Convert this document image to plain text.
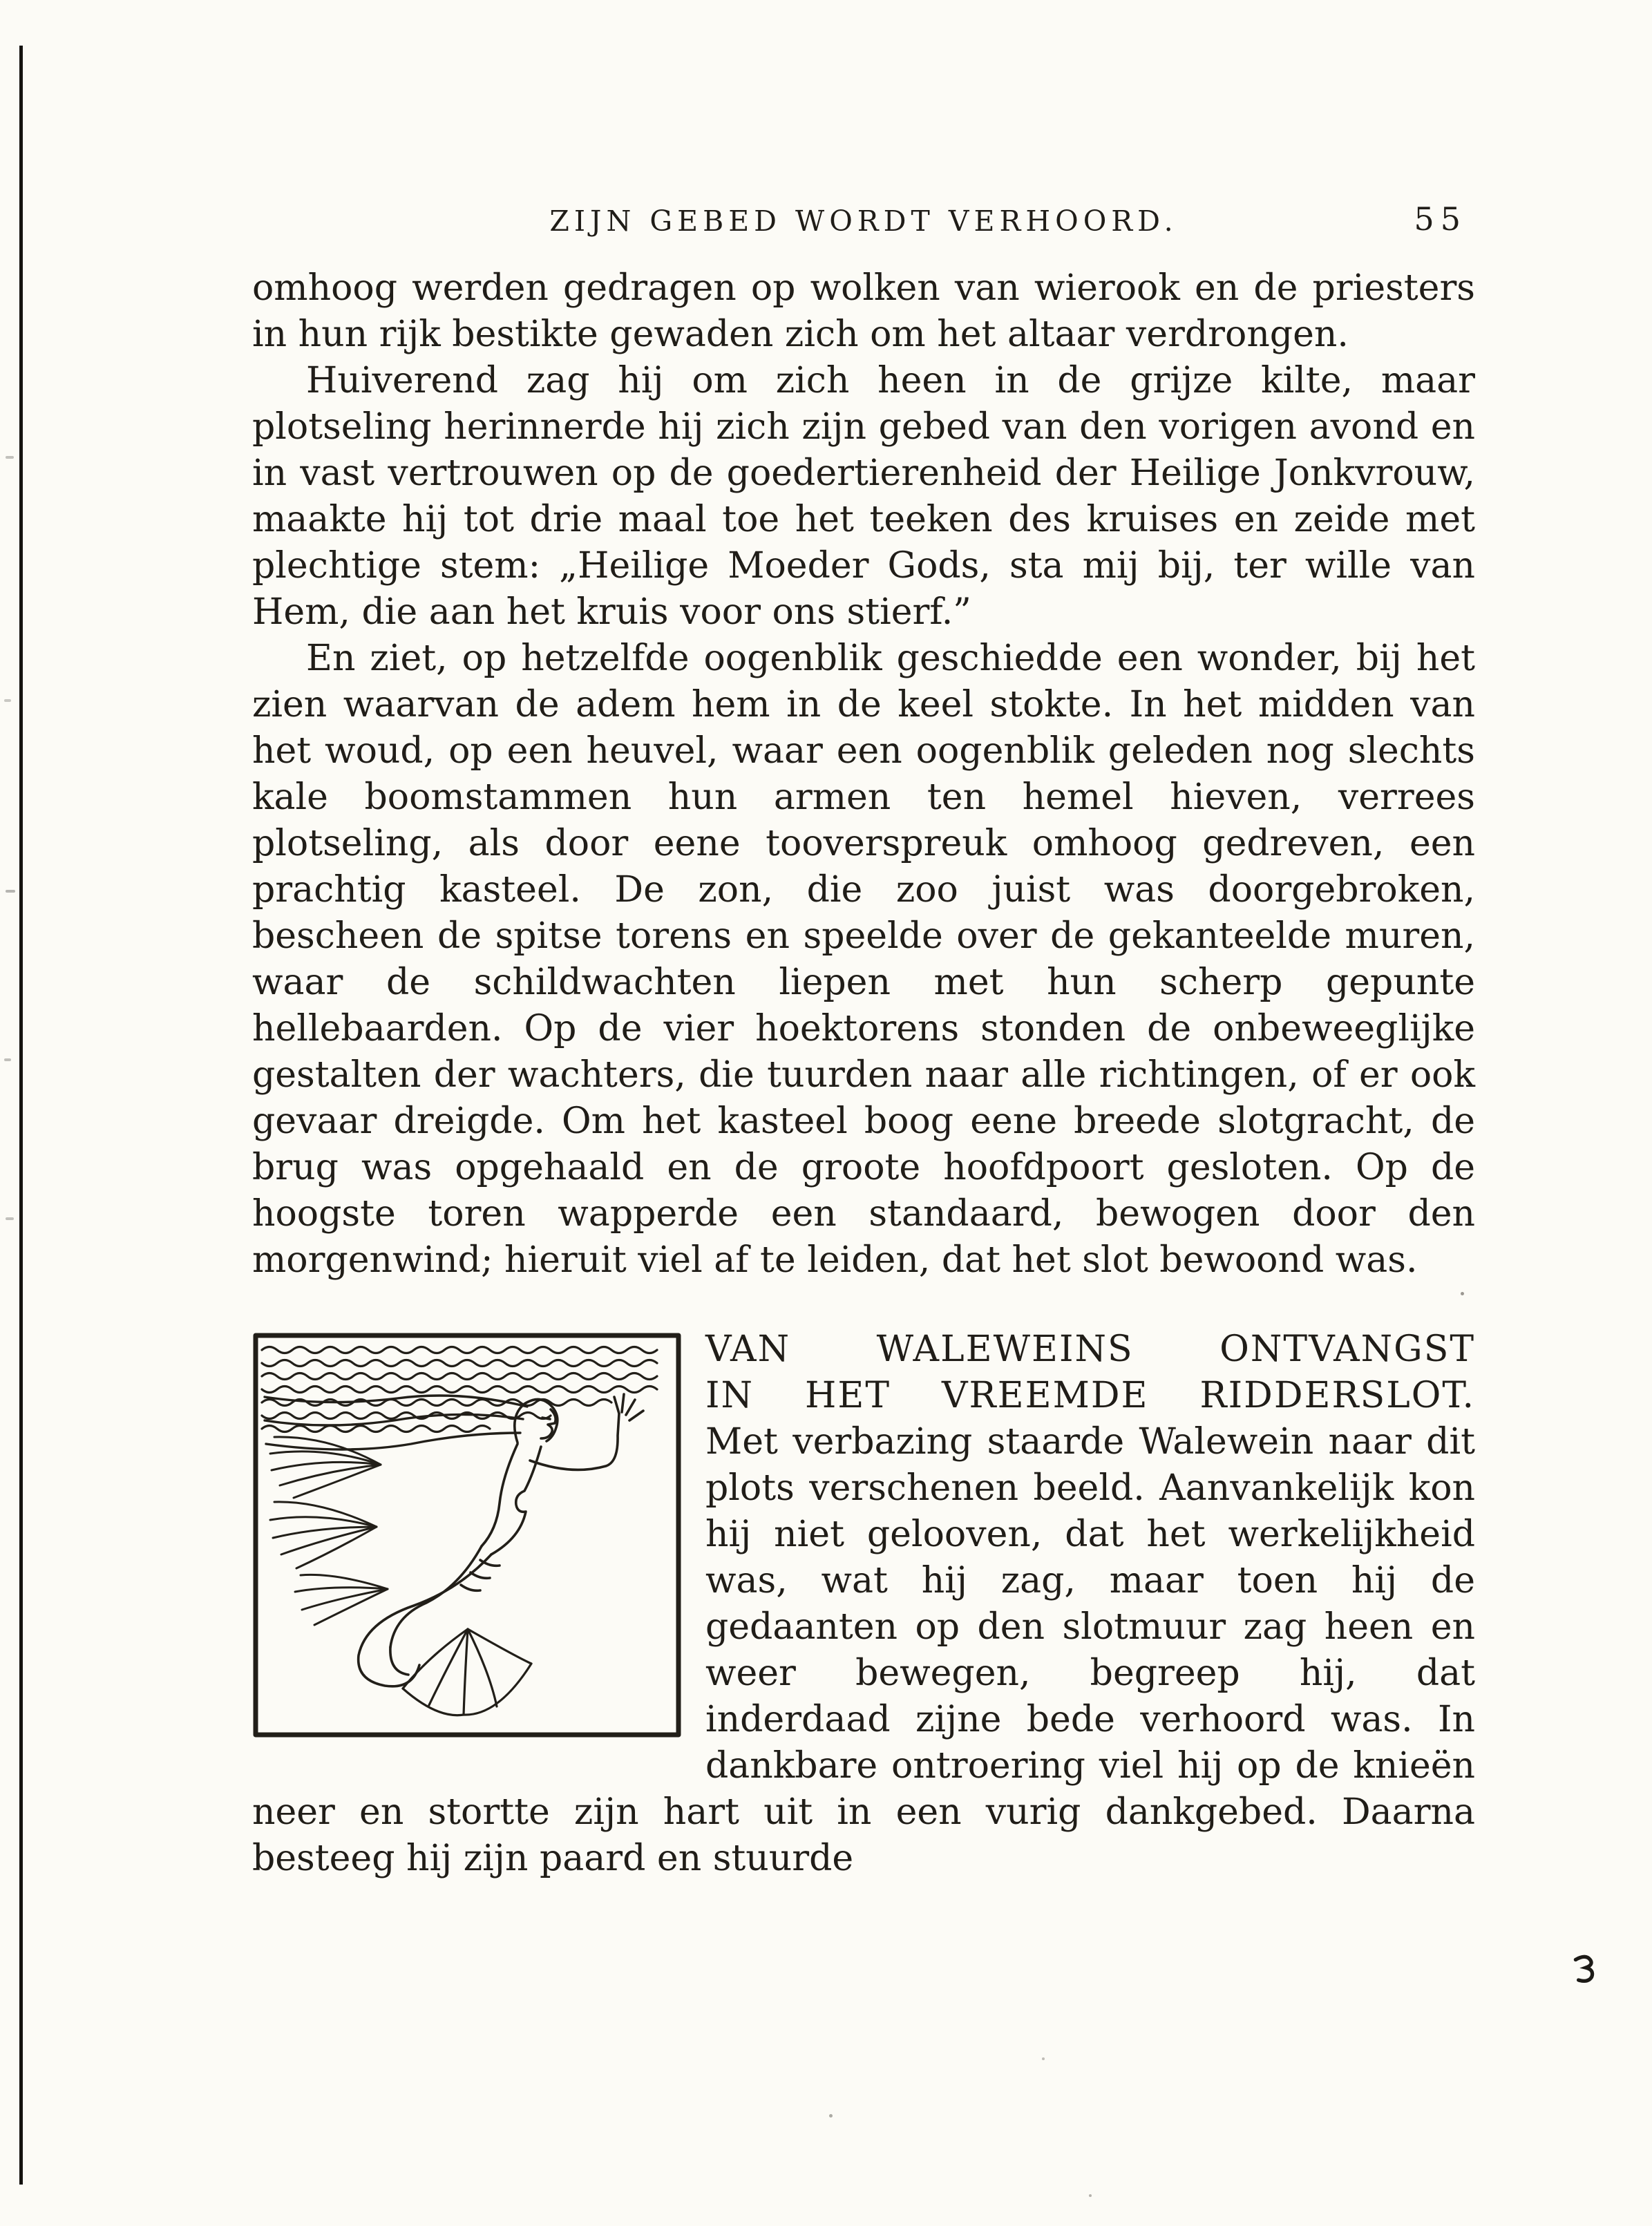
ZIJN GEBED WORDT VERHOORD.	55

omhoog werden gedragen op wolken van wierook en de priesters in hun rijk bestikte gewaden zich om het altaar verdrongen.

Huiverend zag hij om zich heen in de grijze kilte, maar plotseling herinnerde hij zich zijn gebed van den vorigen avond en in vast vertrouwen op de goedertierenheid der Heilige Jonkvrouw, maakte hij tot drie maal toe het teeken des kruises en zeide met plechtige stem: „Heilige Moeder Gods, sta mij bij, ter wille van Hem, die aan het kruis voor ons stierf.”

En ziet, op hetzelfde oogenblik geschiedde een wonder, bij het zien waarvan de adem hem in de keel stokte. In het midden van het woud, op een heuvel, waar een oogenblik geleden nog slechts kale boomstammen hun armen ten hemel hieven, verrees plotseling, als door eene tooverspreuk omhoog gedreven, een prachtig kasteel. De zon, die zoo juist was doorgebroken, bescheen de spitse torens en speelde over de gekanteelde muren, waar de schildwachten liepen met hun scherp gepunte hellebaarden. Op de vier hoektorens stonden de onbeweeglijke gestalten der wachters, die tuurden naar alle richtingen, of er ook gevaar dreigde. Om het kasteel boog eene breede slotgracht, de brug was opgehaald en de groote hoofdpoort gesloten. Op de hoogste toren wapperde een standaard, bewogen door den morgenwind; hieruit viel af te leiden, dat het slot bewoond was.

VAN WALEWEINS ONTVANGST
IN HET VREEMDE RIDDERSLOT.

Met verbazing staarde Walewein naar dit plots verschenen beeld. Aanvankelijk kon hij niet gelooven, dat het werkelijkheid was, wat hij zag, maar toen hij de gedaanten op den slotmuur zag heen en weer bewegen, begreep hij, dat inderdaad zijne bede verhoord was. In dankbare ontroering viel hij op de knieën neer en stortte zijn hart uit in een vurig dankgebed. Daarna besteeg hij zijn paard en stuurde
